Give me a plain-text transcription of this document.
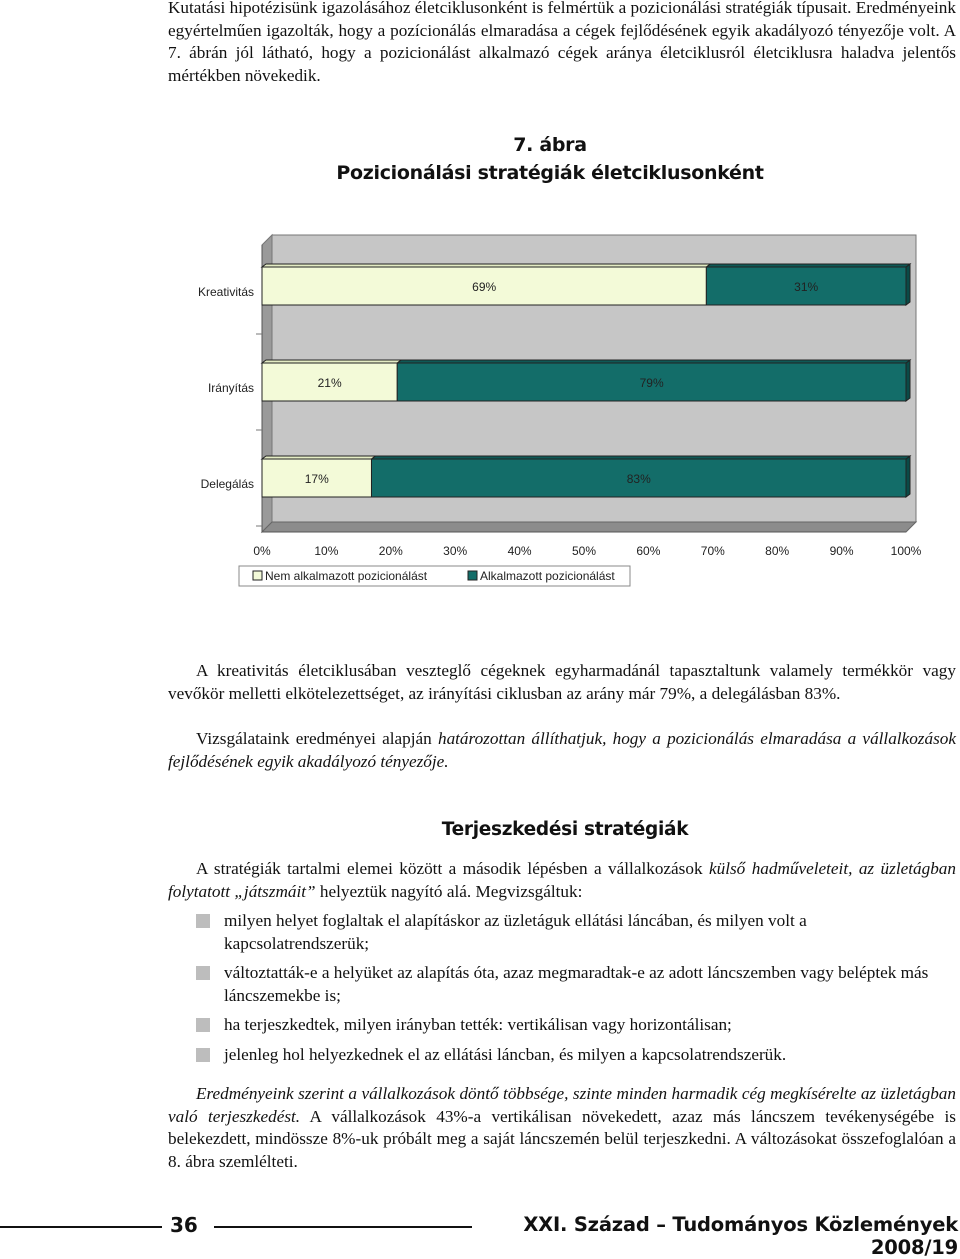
Kutatási hipotézisünk igazolásához életciklusonként is felmértük a pozicionálási stratégiák típusait. Eredményeink egyértelműen igazolták, hogy a pozícionálás elmaradása a cégek fejlődésének egyik akadályozó tényezője volt. A 7. ábrán jól látható, hogy a pozicionálást alkalmazó cégek aránya életciklusról életciklusra haladva jelentős mértékben növekedik.
7. ábra
Pozicionálási stratégiák életciklusonként
69%	31%
21%	79%
17%	83%
Kreativitás
Irányítás
Delegálás
0%	10%	20%	30%	40%	50%	60%	70%	80%	90%	100%
Nem alkalmazott pozicionálást	Alkalmazott pozicionálást
A kreativitás életciklusában veszteglő cégeknek egyharmadánál tapasztaltunk valamely termékkör vagy vevőkör melletti elkötelezettséget, az irányítási ciklusban az arány már 79%, a delegálásban 83%.
Vizsgálataink eredményei alapján határozottan állíthatjuk, hogy a pozicionálás elmaradása a vállalkozások fejlődésének egyik akadályozó tényezője.
Terjeszkedési stratégiák
A stratégiák tartalmi elemei között a második lépésben a vállalkozások külső hadműveleteit, az üzletágban folytatott „játszmáit” helyeztük nagyító alá. Megvizsgáltuk:
milyen helyet foglaltak el alapításkor az üzletáguk ellátási láncában, és milyen volt a kapcsolatrendszerük;
változtatták-e a helyüket az alapítás óta, azaz megmaradtak-e az adott láncszemben vagy beléptek más láncszemekbe is;
ha terjeszkedtek, milyen irányban tették: vertikálisan vagy horizontálisan;
jelenleg hol helyezkednek el az ellátási láncban, és milyen a kapcsolatrendszerük.
Eredményeink szerint a vállalkozások döntő többsége, szinte minden harmadik cég megkísérelte az üzletágban való terjeszkedést. A vállalkozások 43%-a vertikálisan növekedett, azaz más láncszem tevékenységébe is belekezdett, mindössze 8%-uk próbált meg a saját láncszemén belül terjeszkedni. A változásokat összefoglalóan a 8. ábra szemlélteti.
36	XXI. Század – Tudományos Közlemények 2008/19
